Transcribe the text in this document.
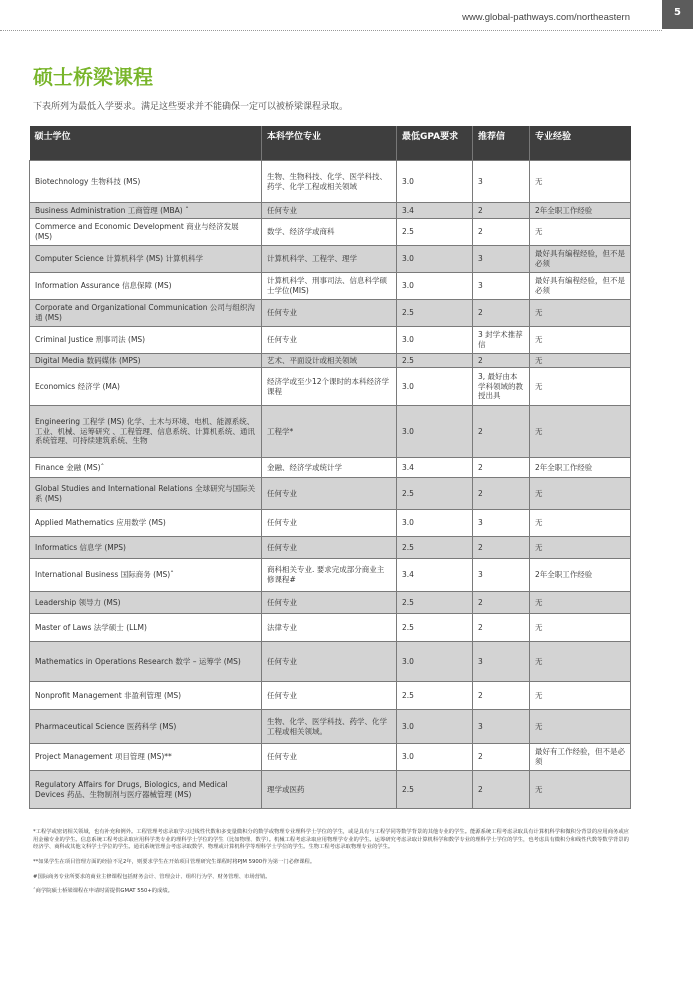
www.global-pathways.com/northeastern	5
硕士桥梁课程
下表所列为最低入学要求。满足这些要求并不能确保一定可以被桥梁课程录取。
硕士学位	本科学位专业	最低GPA要求	推荐信	专业经验
Biotechnology 生物科技 (MS)	生物、生物科技、化学、医学科技、药学、化学工程或相关领域	3.0	3	无
Business Administration 工商管理 (MBA) ˆ	任何专业	3.4	2	2年全职工作经验
Commerce and Economic Development 商业与经济发展 (MS)	数学、经济学或商科	2.5	2	无
Computer Science 计算机科学 (MS) 计算机科学	计算机科学、工程学、理学	3.0	3	最好具有编程经验，但不是必须
Information Assurance 信息保障 (MS)	计算机科学、刑事司法、信息科学硕士学位(MIS)	3.0	3	最好具有编程经验，但不是必须
Corporate and Organizational Communication 公司与组织沟通 (MS)	任何专业	2.5	2	无
Criminal Justice 刑事司法 (MS)	任何专业	3.0	3 封学术推荐信	无
Digital Media 数码媒体 (MPS)	艺术、平面设计或相关领域	2.5	2	无
Economics 经济学 (MA)	经济学或至少12个课时的本科经济学课程	3.0	3, 最好由本学科领域的教授出具	无
Engineering 工程学 (MS) 化学、土木与环境、电机、能源系统、工业、机械、运筹研究 、工程管理、信息系统、计算机系统、通讯系统管理、可持续建筑系统、生物	工程学*	3.0	2	无
Finance 金融 (MS)ˆ	金融、经济学或统计学	3.4	2	2年全职工作经验
Global Studies and International Relations 全球研究与国际关系 (MS)	任何专业	2.5	2	无
Applied Mathematics 应用数学 (MS)	任何专业	3.0	3	无
Informatics 信息学 (MPS)	任何专业	2.5	2	无
International Business 国际商务 (MS)ˆ	商科相关专业. 要求完成部分商业主修课程#	3.4	3	2年全职工作经验
Leadership 领导力 (MS)	任何专业	2.5	2	无
Master of Laws 法学硕士 (LLM)	法律专业	2.5	2	无
Mathematics in Operations Research 数学 – 运筹学 (MS)	任何专业	3.0	3	无
Nonprofit Management 非盈利管理 (MS)	任何专业	2.5	2	无
Pharmaceutical Science 医药科学 (MS)	生物、化学、医学科技、药学、化学工程或相关领域。	3.0	3	无
Project Management 项目管理 (MS)**	任何专业	3.0	2	最好有工作经验，但不是必须
Regulatory Affairs for Drugs, Biologics, and Medical Devices 药品、生物制剂与医疗器械管理 (MS)	理学或医药	2.5	2	无

*工程学或密切相关领域，也有补充和例外。工程管理考虑录取学习过线性代数和多变量微积分的数学或物理专业理科学士学位的学生，或是具有与工程学同等数学背景的其他专业的学生。能源系统工程考虑录取具有计算机科学和微积分背景的应用商务或应用金融专业的学生。信息系统工程考虑录取应用科学类专业的理科学士学位的学生（比如物理、数学）。机械工程考虑录取应用物理学专业的学生。运筹研究考虑录取计算机科学和数学专业的理科学士学位的学生，也考虑具有微积分和线性代数等数学背景的经济学、商科或其他文科学士学位的学生。通讯系统管理会考虑录取数学、物理或计算机科学等理科学士学位的学生。生物工程考虑录取物理专业的学生。

**如果学生在项目管理方面的经验不足2年，则要求学生在开始项目管理研究生课程时将PJM 5900作为第一门必修课程。

#国际商务专业所要求的商业主修课程包括财务会计、管理会计、组织行为学、财务管理、市场营销。

ˆ商学院硕士桥梁课程在申请时需提供GMAT 550+的成绩。
